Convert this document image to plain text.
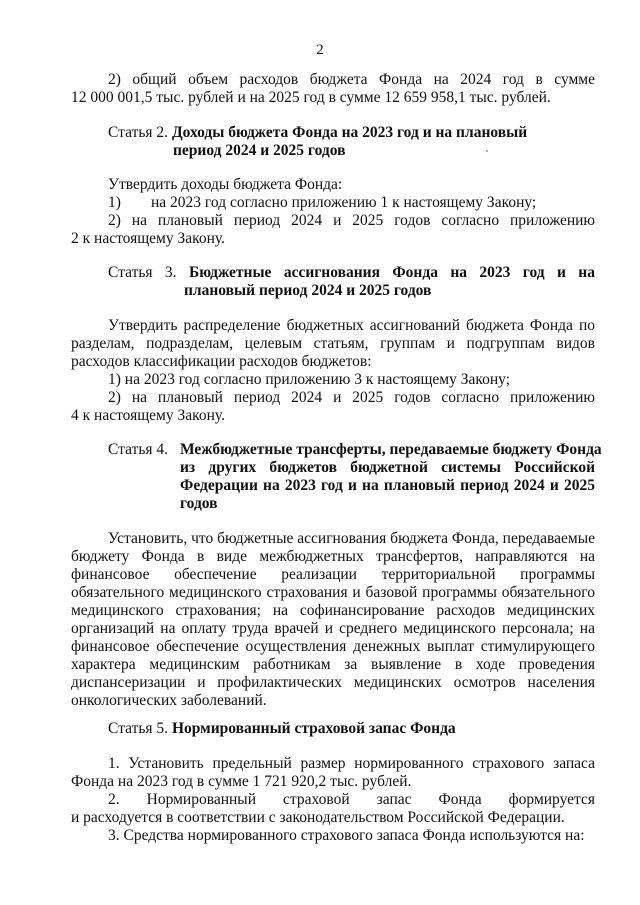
2
2) общий объем расходов бюджета Фонда на 2024 год в сумме
12 000 001,5 тыс. рублей и на 2025 год в сумме 12 659 958,1 тыс. рублей.
Статья 2. Доходы бюджета Фонда на 2023 год и на плановый
период 2024 и 2025 годов
Утвердить доходы бюджета Фонда:
1) на 2023 год согласно приложению 1 к настоящему Закону;
2) на плановый период 2024 и 2025 годов согласно приложению
2 к настоящему Закону.
Статья 3. Бюджетные ассигнования Фонда на 2023 год и на
плановый период 2024 и 2025 годов
Утвердить распределение бюджетных ассигнований бюджета Фонда по
разделам, подразделам, целевым статьям, группам и подгруппам видов
расходов классификации расходов бюджетов:
1) на 2023 год согласно приложению 3 к настоящему Закону;
2) на плановый период 2024 и 2025 годов согласно приложению
4 к настоящему Закону.
Статья 4. Межбюджетные трансферты, передаваемые бюджету Фонда
из других бюджетов бюджетной системы Российской
Федерации на 2023 год и на плановый период 2024 и 2025
годов
Установить, что бюджетные ассигнования бюджета Фонда, передаваемые
бюджету Фонда в виде межбюджетных трансфертов, направляются на
финансовое обеспечение реализации территориальной программы
обязательного медицинского страхования и базовой программы обязательного
медицинского страхования; на софинансирование расходов медицинских
организаций на оплату труда врачей и среднего медицинского персонала; на
финансовое обеспечение осуществления денежных выплат стимулирующего
характера медицинским работникам за выявление в ходе проведения
диспансеризации и профилактических медицинских осмотров населения
онкологических заболеваний.
Статья 5. Нормированный страховой запас Фонда
1. Установить предельный размер нормированного страхового запаса
Фонда на 2023 год в сумме 1 721 920,2 тыс. рублей.
2. Нормированный страховой запас Фонда формируется
и расходуется в соответствии с законодательством Российской Федерации.
3. Средства нормированного страхового запаса Фонда используются на:
